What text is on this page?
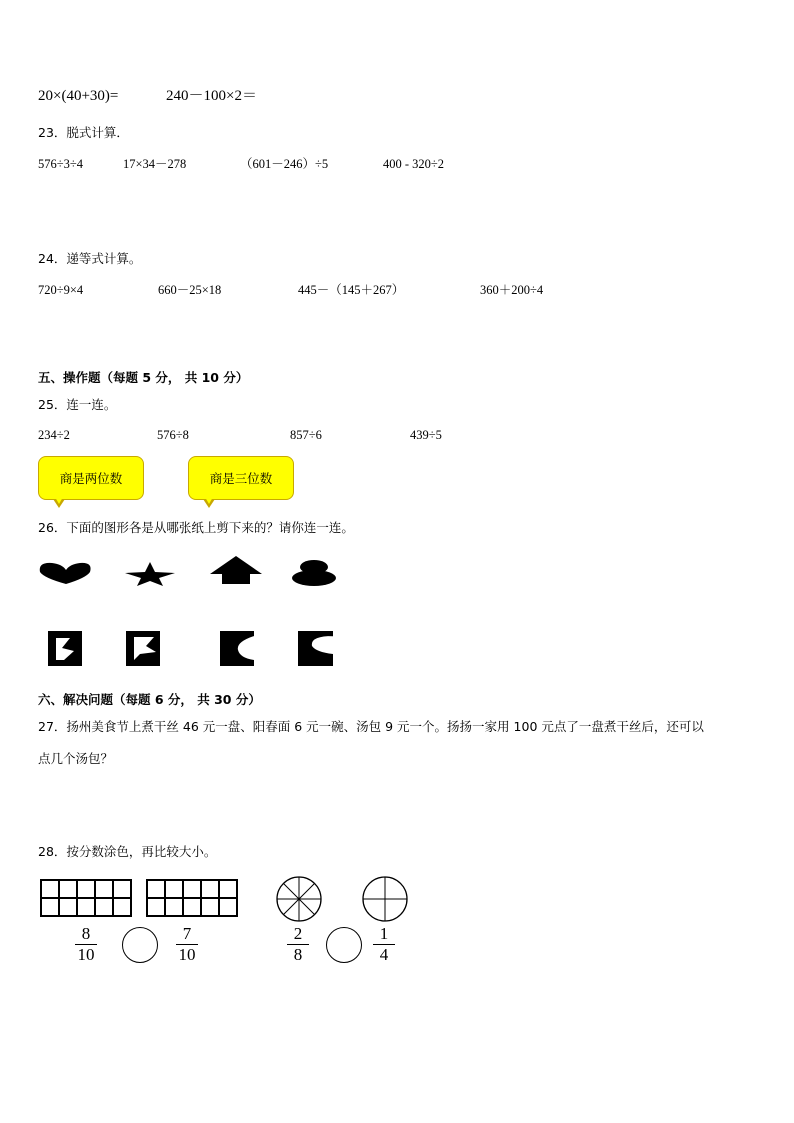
20×(40+30)=	240－100×2＝
23．脱式计算．
576÷3÷4	17×34－278	（601－246）÷5	400 - 320÷2
24．递等式计算。
720÷9×4	660－25×18	445－（145＋267）	360＋200÷4
五、操作题（每题 5 分， 共 10 分）
25．连一连。
234÷2	576÷8	857÷6	439÷5
商是两位数	商是三位数
26．下面的图形各是从哪张纸上剪下来的？请你连一连。
六、解决问题（每题 6 分， 共 30 分）
27．扬州美食节上煮干丝 46 元一盘、阳春面 6 元一碗、汤包 9 元一个。扬扬一家用 100 元点了一盘煮干丝后，还可以
点几个汤包？
28．按分数涂色，再比较大小。
8
10
7
10
2
8
1
4
